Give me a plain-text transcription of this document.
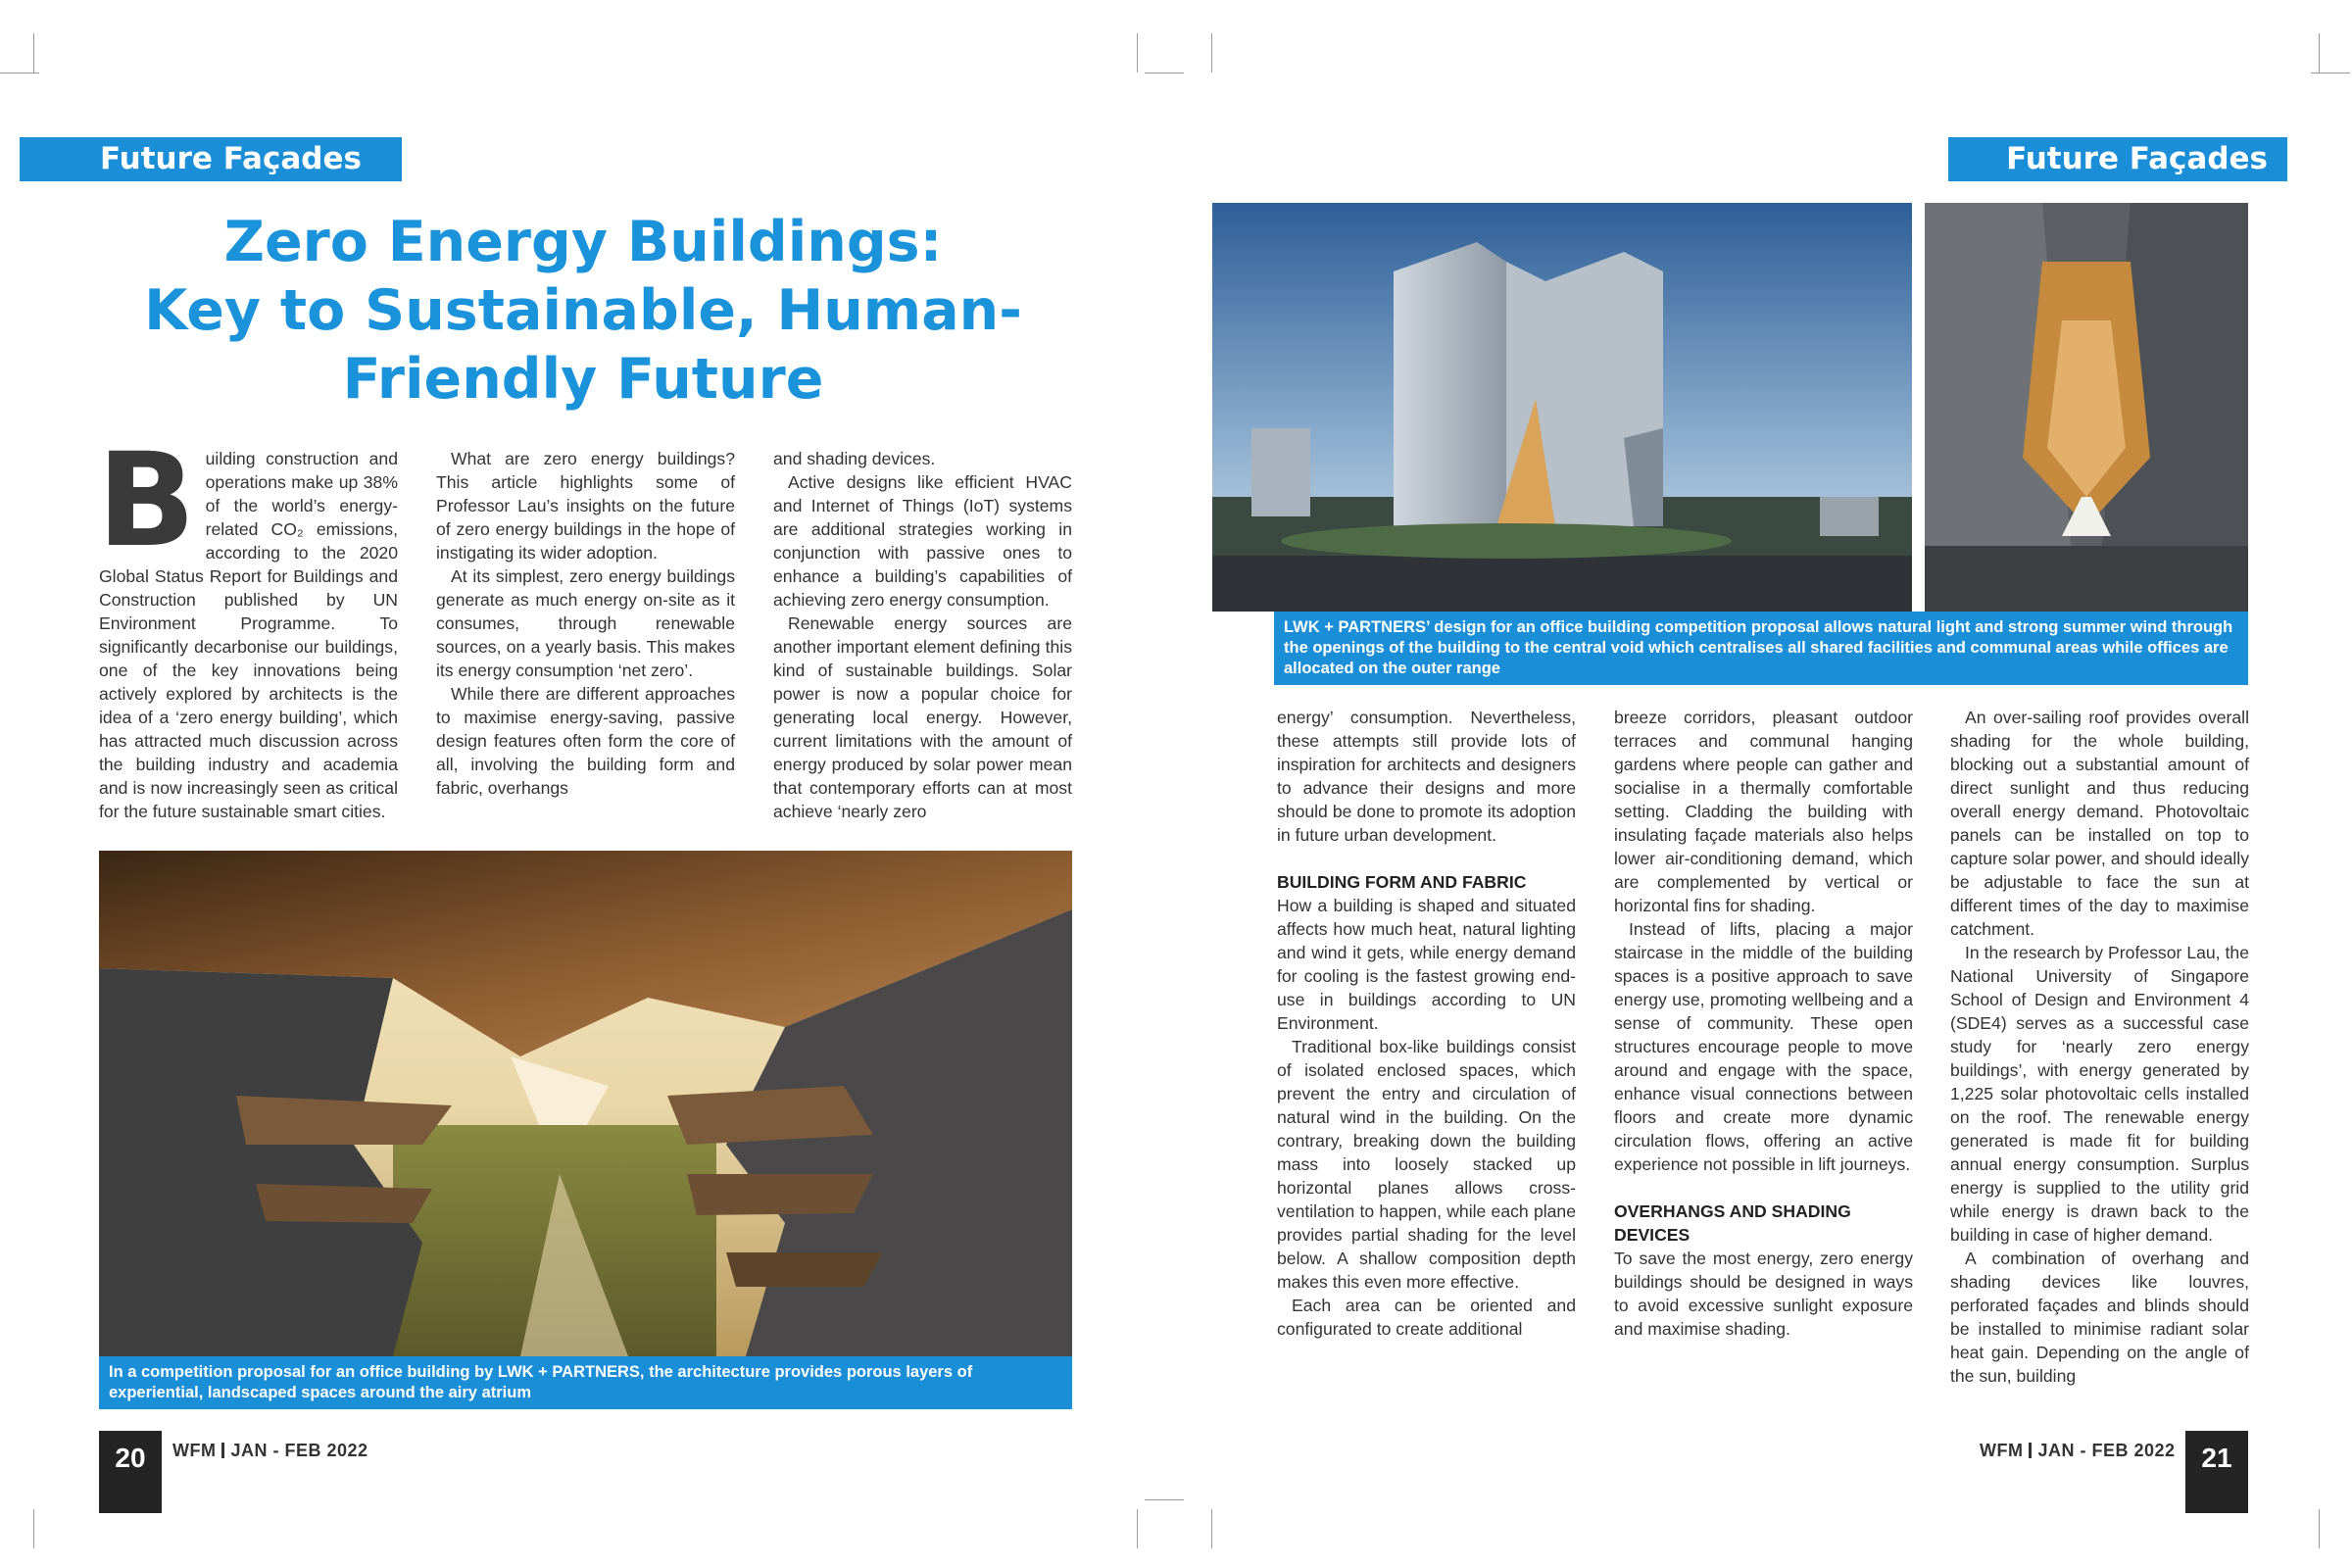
Future Façades	Future Façades
Zero Energy Buildings:
Key to Sustainable, Human-
Friendly Future
B uilding construction and operations make up 38% of the world’s energy-related CO₂ emissions, according to the 2020 Global Status Report for Buildings and Construction published by UN Environment Programme. To significantly decarbonise our buildings, one of the key innovations being actively explored by architects is the idea of a ‘zero energy building’, which has attracted much discussion across the building industry and academia and is now increasingly seen as critical for the future sustainable smart cities.

What are zero energy buildings? This article highlights some of Professor Lau’s insights on the future of zero energy buildings in the hope of instigating its wider adoption.

At its simplest, zero energy buildings generate as much energy on-site as it consumes, through renewable sources, on a yearly basis. This makes its energy consumption ‘net zero’.

While there are different approaches to maximise energy-saving, passive design features often form the core of all, involving the building form and fabric, overhangs

and shading devices.

Active designs like efficient HVAC and Internet of Things (IoT) systems are additional strategies working in conjunction with passive ones to enhance a building’s capabilities of achieving zero energy consumption.

Renewable energy sources are another important element defining this kind of sustainable buildings. Solar power is now a popular choice for generating local energy. However, current limitations with the amount of energy produced by solar power mean that contemporary efforts can at most achieve ‘nearly zero

In a competition proposal for an office building by LWK + PARTNERS, the architecture provides porous layers of experiential, landscaped spaces around the airy atrium
LWK + PARTNERS’ design for an office building competition proposal allows natural light and strong summer wind through the openings of the building to the central void which centralises all shared facilities and communal areas while offices are allocated on the outer range

energy’ consumption. Nevertheless, these attempts still provide lots of inspiration for architects and designers to advance their designs and more should be done to promote its adoption in future urban development.

BUILDING FORM AND FABRIC

How a building is shaped and situated affects how much heat, natural lighting and wind it gets, while energy demand for cooling is the fastest growing end-use in buildings according to UN Environment.

Traditional box-like buildings consist of isolated enclosed spaces, which prevent the entry and circulation of natural wind in the building. On the contrary, breaking down the building mass into loosely stacked up horizontal planes allows cross-ventilation to happen, while each plane provides partial shading for the level below. A shallow composition depth makes this even more effective.

Each area can be oriented and configurated to create additional

breeze corridors, pleasant outdoor terraces and communal hanging gardens where people can gather and socialise in a thermally comfortable setting. Cladding the building with insulating façade materials also helps lower air-conditioning demand, which are complemented by vertical or horizontal fins for shading.

Instead of lifts, placing a major staircase in the middle of the building spaces is a positive approach to save energy use, promoting wellbeing and a sense of community. These open structures encourage people to move around and engage with the space, enhance visual connections between floors and create more dynamic circulation flows, offering an active experience not possible in lift journeys.

OVERHANGS AND SHADING DEVICES

To save the most energy, zero energy buildings should be designed in ways to avoid excessive sunlight exposure and maximise shading.

An over-sailing roof provides overall shading for the whole building, blocking out a substantial amount of direct sunlight and thus reducing overall energy demand. Photovoltaic panels can be installed on top to capture solar power, and should ideally be adjustable to face the sun at different times of the day to maximise catchment.

In the research by Professor Lau, the National University of Singapore School of Design and Environment 4 (SDE4) serves as a successful case study for ‘nearly zero energy buildings’, with energy generated by 1,225 solar photovoltaic cells installed on the roof. The renewable energy generated is made fit for building annual energy consumption. Surplus energy is supplied to the utility grid while energy is drawn back to the building in case of higher demand.

A combination of overhang and shading devices like louvres, perforated façades and blinds should be installed to minimise radiant solar heat gain. Depending on the angle of the sun, building

20	WFM JAN - FEB 2022	WFM JAN - FEB 2022 21
